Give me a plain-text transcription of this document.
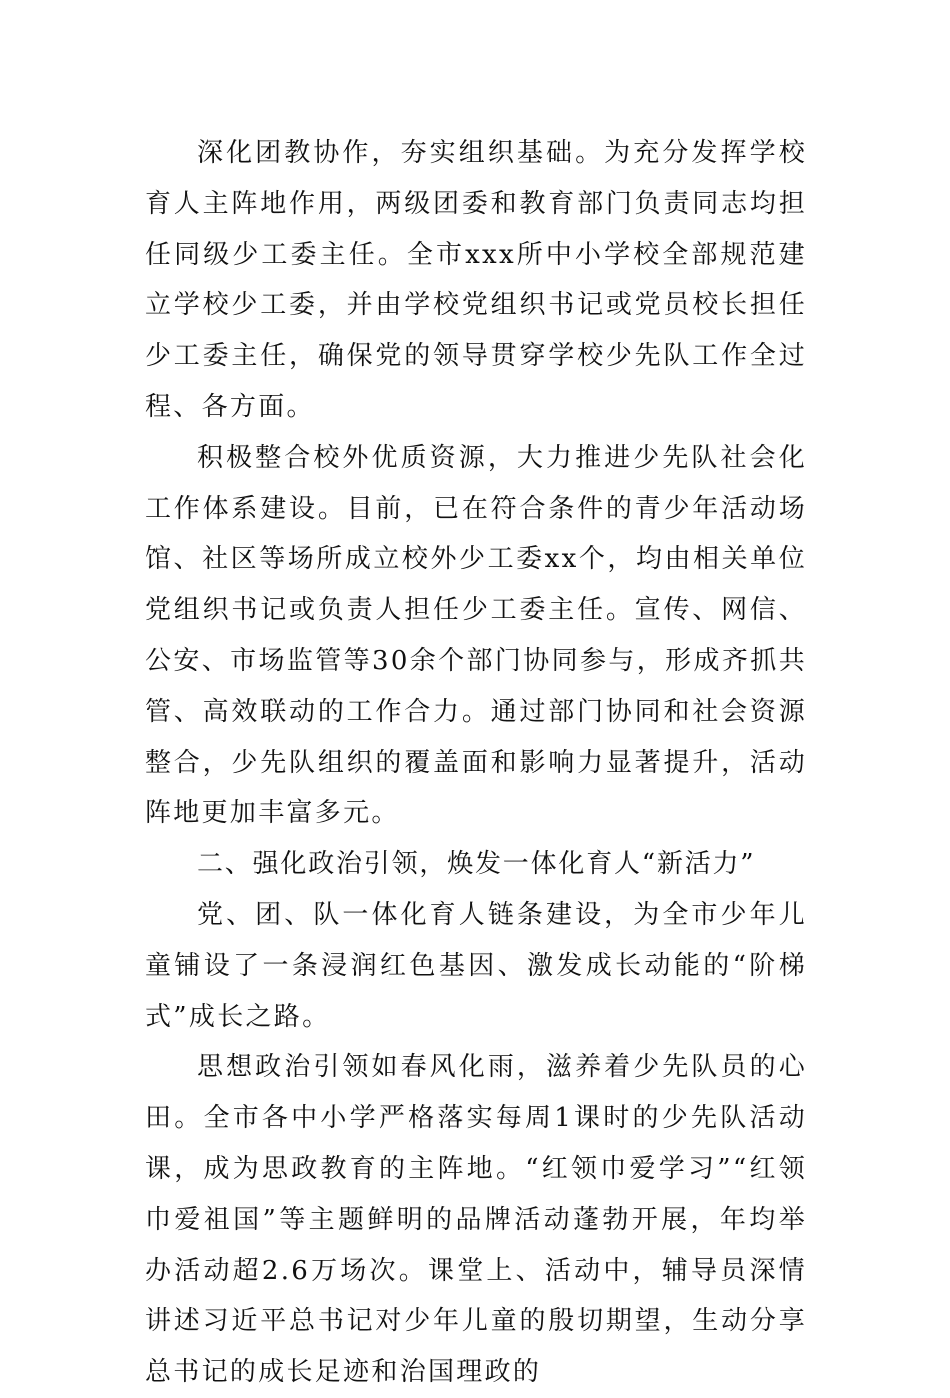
深化团教协作，夯实组织基础。为充分发挥学校育人主阵地作用，两级团委和教育部门负责同志均担任同级少工委主任。全市xxx所中小学校全部规范建立学校少工委，并由学校党组织书记或党员校长担任少工委主任，确保党的领导贯穿学校少先队工作全过程、各方面。

积极整合校外优质资源，大力推进少先队社会化工作体系建设。目前，已在符合条件的青少年活动场馆、社区等场所成立校外少工委xx个，均由相关单位党组织书记或负责人担任少工委主任。宣传、网信、公安、市场监管等30余个部门协同参与，形成齐抓共管、高效联动的工作合力。通过部门协同和社会资源整合，少先队组织的覆盖面和影响力显著提升，活动阵地更加丰富多元。

二、强化政治引领，焕发一体化育人“新活力”

党、团、队一体化育人链条建设，为全市少年儿童铺设了一条浸润红色基因、激发成长动能的“阶梯式”成长之路。

思想政治引领如春风化雨，滋养着少先队员的心田。全市各中小学严格落实每周1课时的少先队活动课，成为思政教育的主阵地。“红领巾爱学习”“红领巾爱祖国”等主题鲜明的品牌活动蓬勃开展，年均举办活动超2.6万场次。课堂上、活动中，辅导员深情讲述习近平总书记对少年儿童的殷切期望，生动分享总书记的成长足迹和治国理政的
